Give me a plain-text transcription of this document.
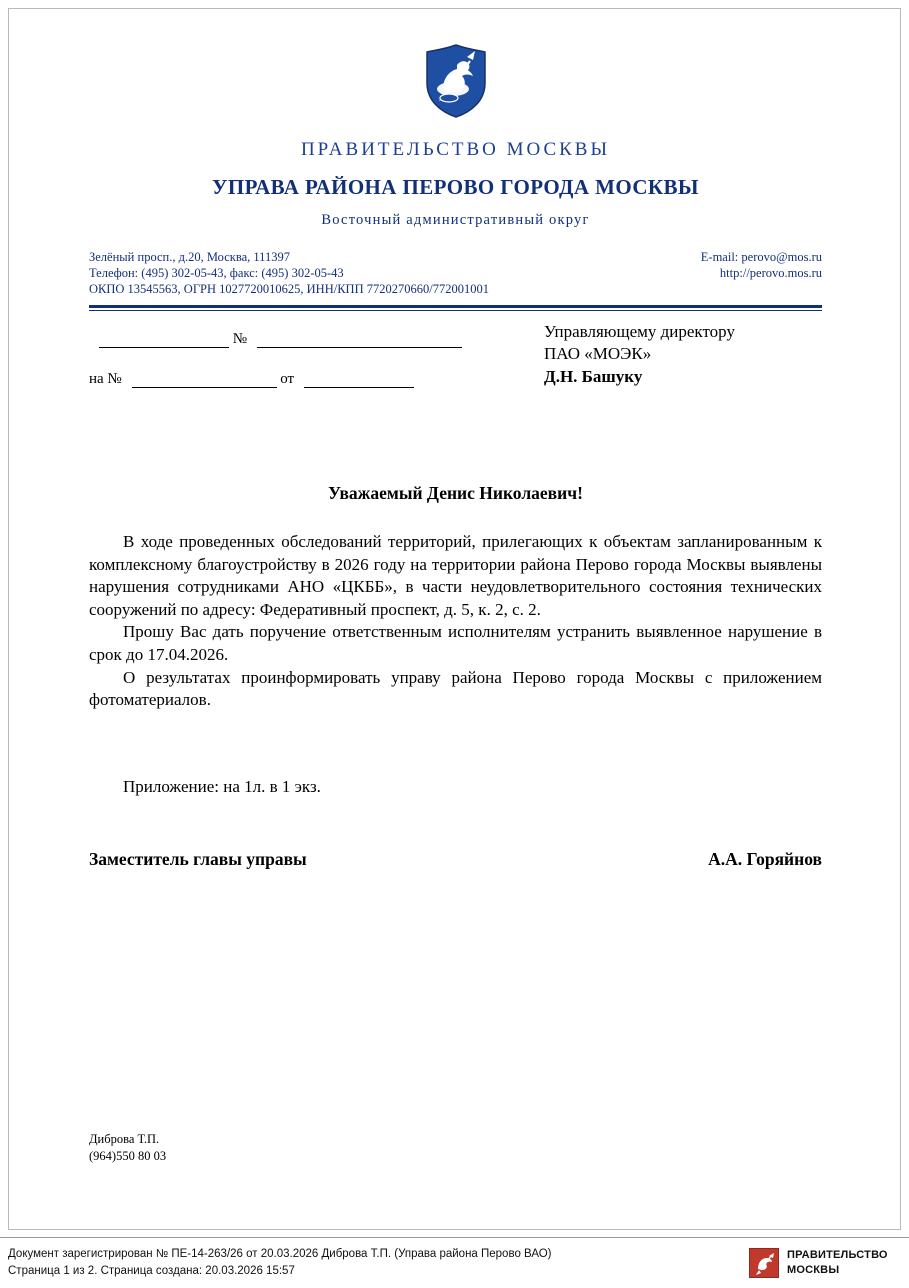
ПРАВИТЕЛЬСТВО МОСКВЫ
УПРАВА РАЙОНА ПЕРОВО ГОРОДА МОСКВЫ
Восточный административный округ
Зелёный просп., д.20, Москва, 111397
Телефон: (495) 302-05-43, факс: (495) 302-05-43
ОКПО 13545563, ОГРН 1027720010625, ИНН/КПП 7720270660/772001001
E-mail: perovo@mos.ru
http://perovo.mos.ru
№
на №	от
Управляющему директору
ПАО «МОЭК»
Д.Н. Башуку
Уважаемый Денис Николаевич!

В ходе проведенных обследований территорий, прилегающих к объектам запланированным к комплексному благоустройству в 2026 году на территории района Перово города Москвы выявлены нарушения сотрудниками АНО «ЦКББ», в части неудовлетворительного состояния технических сооружений по адресу: Федеративный проспект, д. 5, к. 2, с. 2.

Прошу Вас дать поручение ответственным исполнителям устранить выявленное нарушение в срок до 17.04.2026.

О результатах проинформировать управу района Перово города Москвы с приложением фотоматериалов.

Приложение: на 1л. в 1 экз.
Заместитель главы управы	А.А. Горяйнов
Диброва Т.П.
(964)550 80 03
Документ зарегистрирован № ПЕ-14-263/26 от 20.03.2026 Диброва Т.П. (Управа района Перово ВАО)
Страница 1 из 2. Страница создана: 20.03.2026 15:57
ПРАВИТЕЛЬСТВО
МОСКВЫ
